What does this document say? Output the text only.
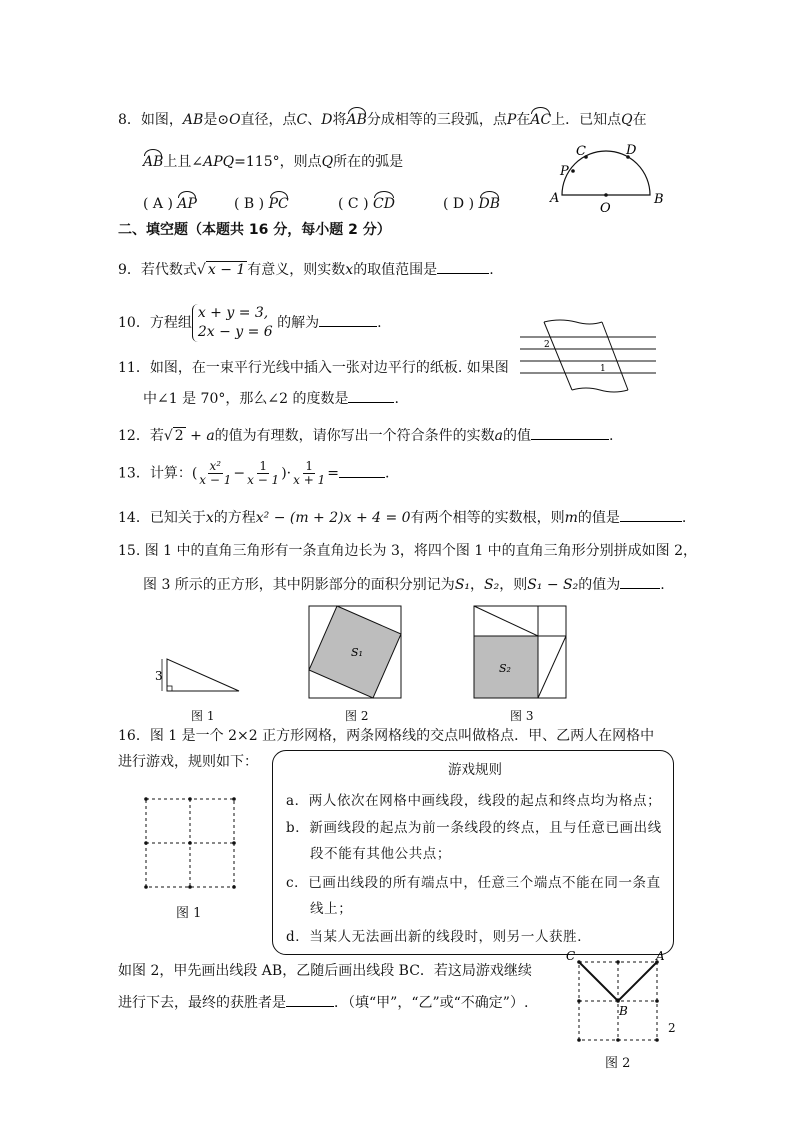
8．如图，AB是⊙O直径，点C、D将AB分成相等的三段弧，点P在AC上．已知点Q在
AB上且∠APQ=115°，则点Q所在的弧是
( A ) AP	( B ) PC	( C ) CD	( D ) DB	A	B
O
P
C	D
二、填空题（本题共 16 分，每小题 2 分）
9．若代数式√ x − 1 有意义，则实数x的取值范围是	.
10．方程组x + y = 3,
2x − y = 6 的解为	.
2
1
11．如图，在一束平行光线中插入一张对边平行的纸板. 如果图
中∠1 是 70°，那么∠2 的度数是	.
12．若√ 2 + a的值为有理数，请你写出一个符合条件的实数a的值	.
13．计算：( $\frac{\text{x²}}{x - 1} - \frac{1}{x - 1}$ )· $\frac{1}{x + 1}$ =	.
14．已知关于x的方程x² − (m + 2)x + 4 = 0有两个相等的实数根，则m的值是	.
15. 图 1 中的直角三角形有一条直角边长为 3，将四个图 1 中的直角三角形分别拼成如图 2，
图 3 所示的正方形，其中阴影部分的面积分别记为S₁，S₂，则S₁ − S₂的值为	.
3
图 1
S₁
图 2
S₂
图 3
16．图 1 是一个 2×2 正方形网格，两条网格线的交点叫做格点．甲、乙两人在网格中
进行游戏，规则如下：	游戏规则
a．两人依次在网格中画线段，线段的起点和终点均为格点；
b．新画线段的起点为前一条线段的终点，且与任意已画出线
段不能有其他公共点；
c．已画出线段的所有端点中，任意三个端点不能在同一条直
线上；
d．当某人无法画出新的线段时，则另一人获胜．
图 1
如图 2，甲先画出线段 AB，乙随后画出线段 BC．若这局游戏继续
进行下去，最终的获胜者是	．（填“甲”，“乙”或“不确定”）.
C	A
B
2
图 2
